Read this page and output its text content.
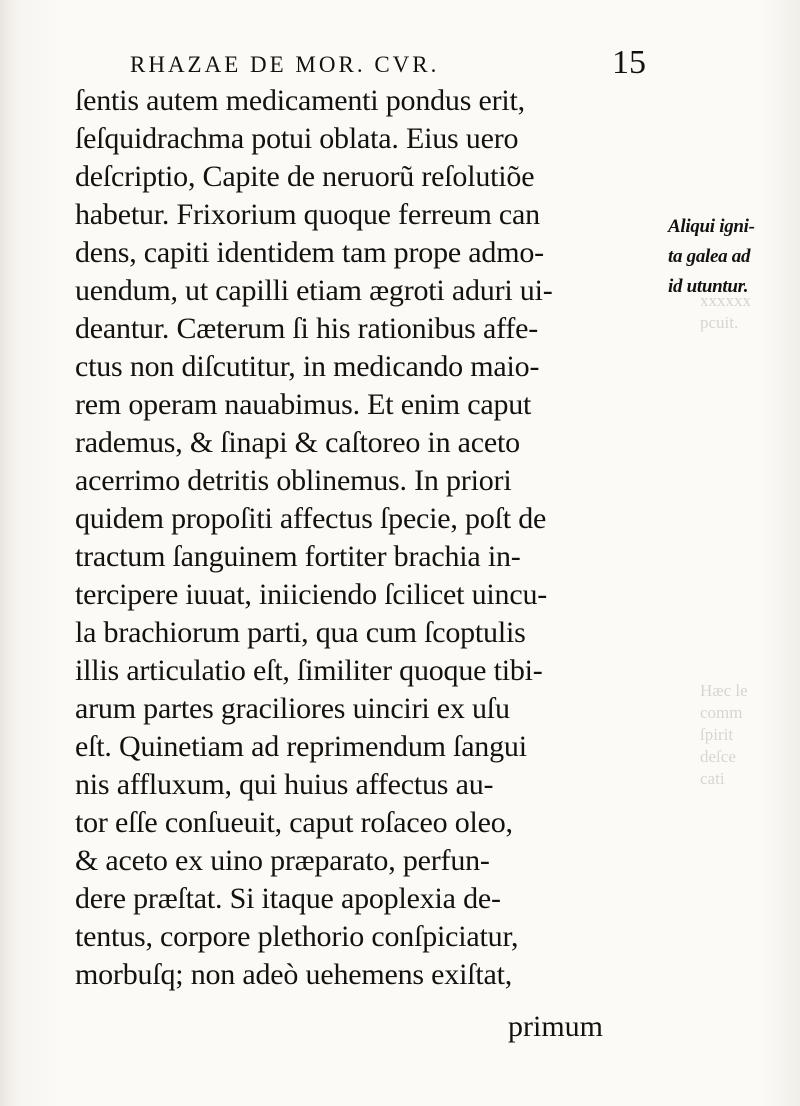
xxxxxx
pcuit.
Hæc le
comm
ſpirit
deſce
cati
RHAZAE DE MOR. CVR.	15
ſentis autem medicamenti pondus erit,
ſeſquidrachma potui oblata. Eius uero
deſcriptio, Capite de neruorũ reſolutiõe
habetur. Frixorium quoque ferreum can
dens, capiti identidem tam prope admo-
uendum, ut capilli etiam ægroti aduri ui-
deantur. Cæterum ſi his rationibus affe-
ctus non diſcutitur, in medicando maio-
rem operam nauabimus. Et enim caput
rademus, & ſinapi & caſtoreo in aceto
acerrimo detritis oblinemus. In priori
quidem propoſiti affectus ſpecie, poſt de
tractum ſanguinem fortiter brachia in-
tercipere iuuat, iniiciendo ſcilicet uincu-
la brachiorum parti, qua cum ſcoptulis
illis articulatio eſt, ſimiliter quoque tibi-
arum partes graciliores uinciri ex uſu
eſt. Quinetiam ad reprimendum ſangui
nis affluxum, qui huius affectus au-
tor eſſe conſueuit, caput roſaceo oleo,
& aceto ex uino præparato, perfun-
dere præſtat. Si itaque apoplexia de-
tentus, corpore plethorio conſpiciatur,
morbuſq; non adeò uehemens exiſtat,
primum
Aliqui igni-
ta galea ad
id utuntur.
